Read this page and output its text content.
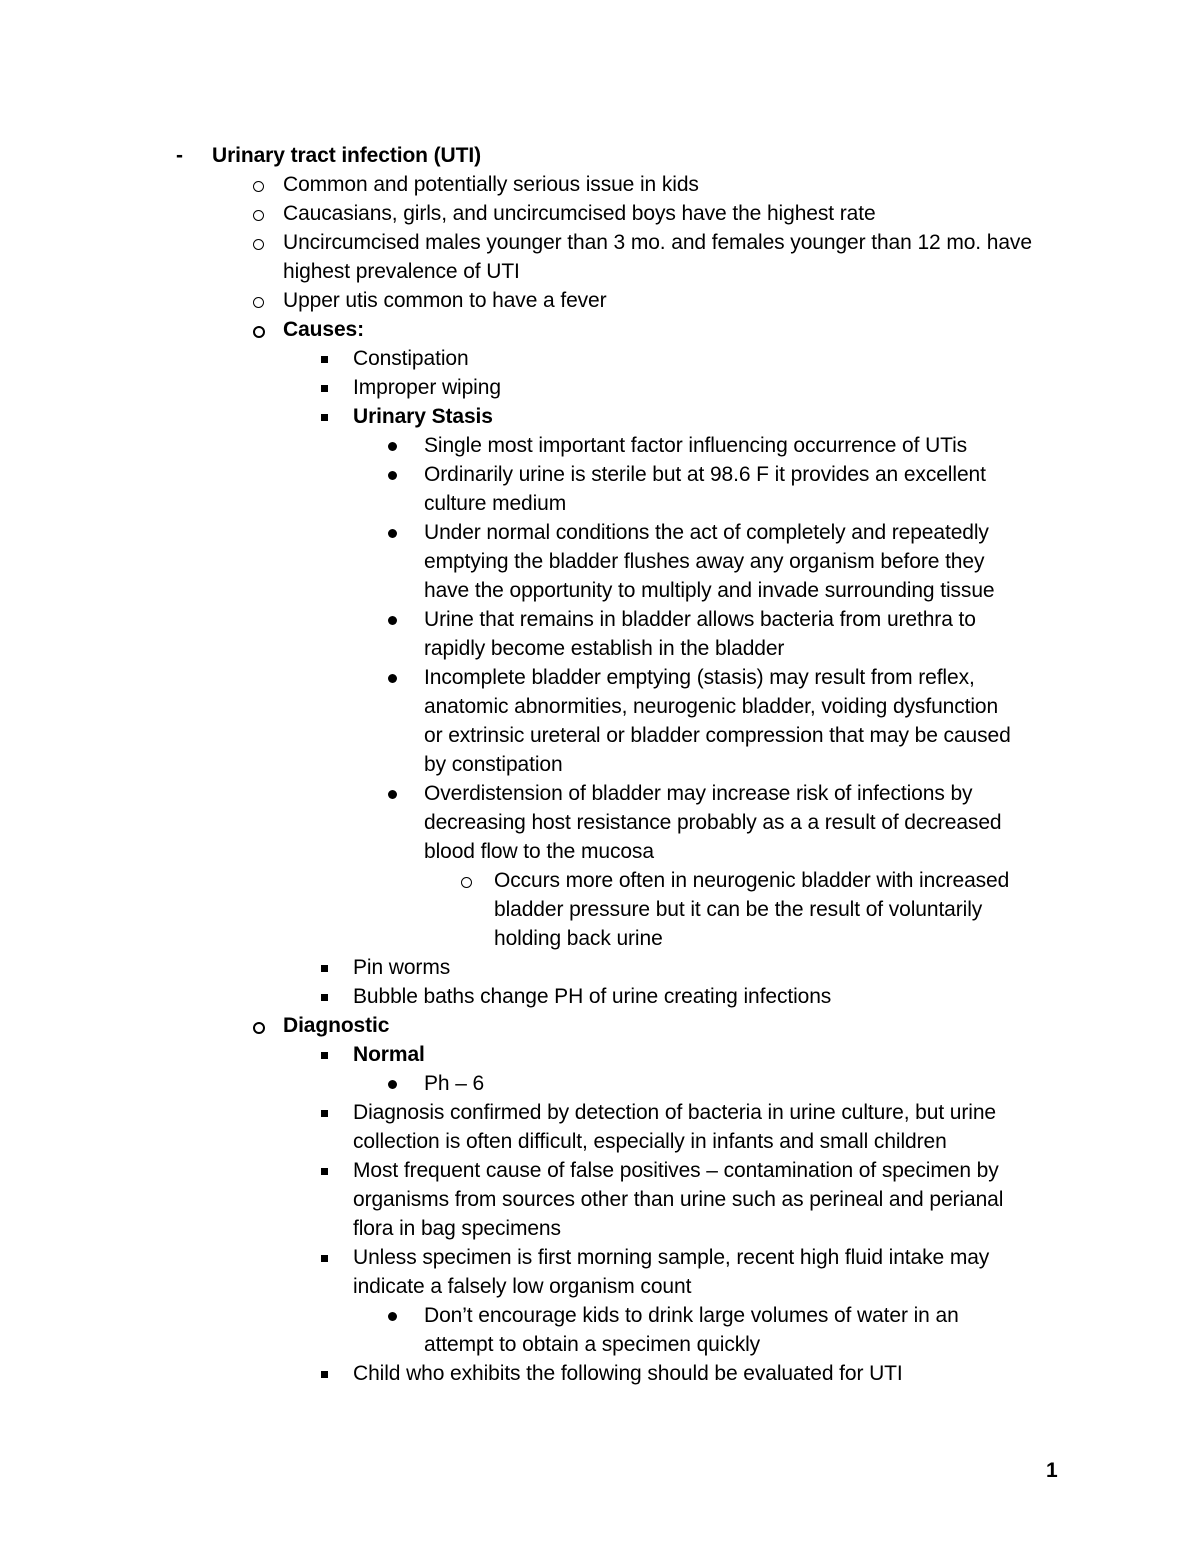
- Urinary tract infection (UTI)
Common and potentially serious issue in kids
Caucasians, girls, and uncircumcised boys have the highest rate
Uncircumcised males younger than 3 mo. and females younger than 12 mo. have
highest prevalence of UTI
Upper utis common to have a fever
Causes:
Constipation
Improper wiping
Urinary Stasis
Single most important factor influencing occurrence of UTis
Ordinarily urine is sterile but at 98.6 F it provides an excellent
culture medium
Under normal conditions the act of completely and repeatedly
emptying the bladder flushes away any organism before they
have the opportunity to multiply and invade surrounding tissue
Urine that remains in bladder allows bacteria from urethra to
rapidly become establish in the bladder
Incomplete bladder emptying (stasis) may result from reflex,
anatomic abnormities, neurogenic bladder, voiding dysfunction
or extrinsic ureteral or bladder compression that may be caused
by constipation
Overdistension of bladder may increase risk of infections by
decreasing host resistance probably as a a result of decreased
blood flow to the mucosa
Occurs more often in neurogenic bladder with increased
bladder pressure but it can be the result of voluntarily
holding back urine
Pin worms
Bubble baths change PH of urine creating infections
Diagnostic
Normal
Ph – 6
Diagnosis confirmed by detection of bacteria in urine culture, but urine
collection is often difficult, especially in infants and small children
Most frequent cause of false positives – contamination of specimen by
organisms from sources other than urine such as perineal and perianal
flora in bag specimens
Unless specimen is first morning sample, recent high fluid intake may
indicate a falsely low organism count
Don’t encourage kids to drink large volumes of water in an
attempt to obtain a specimen quickly
Child who exhibits the following should be evaluated for UTI
1
